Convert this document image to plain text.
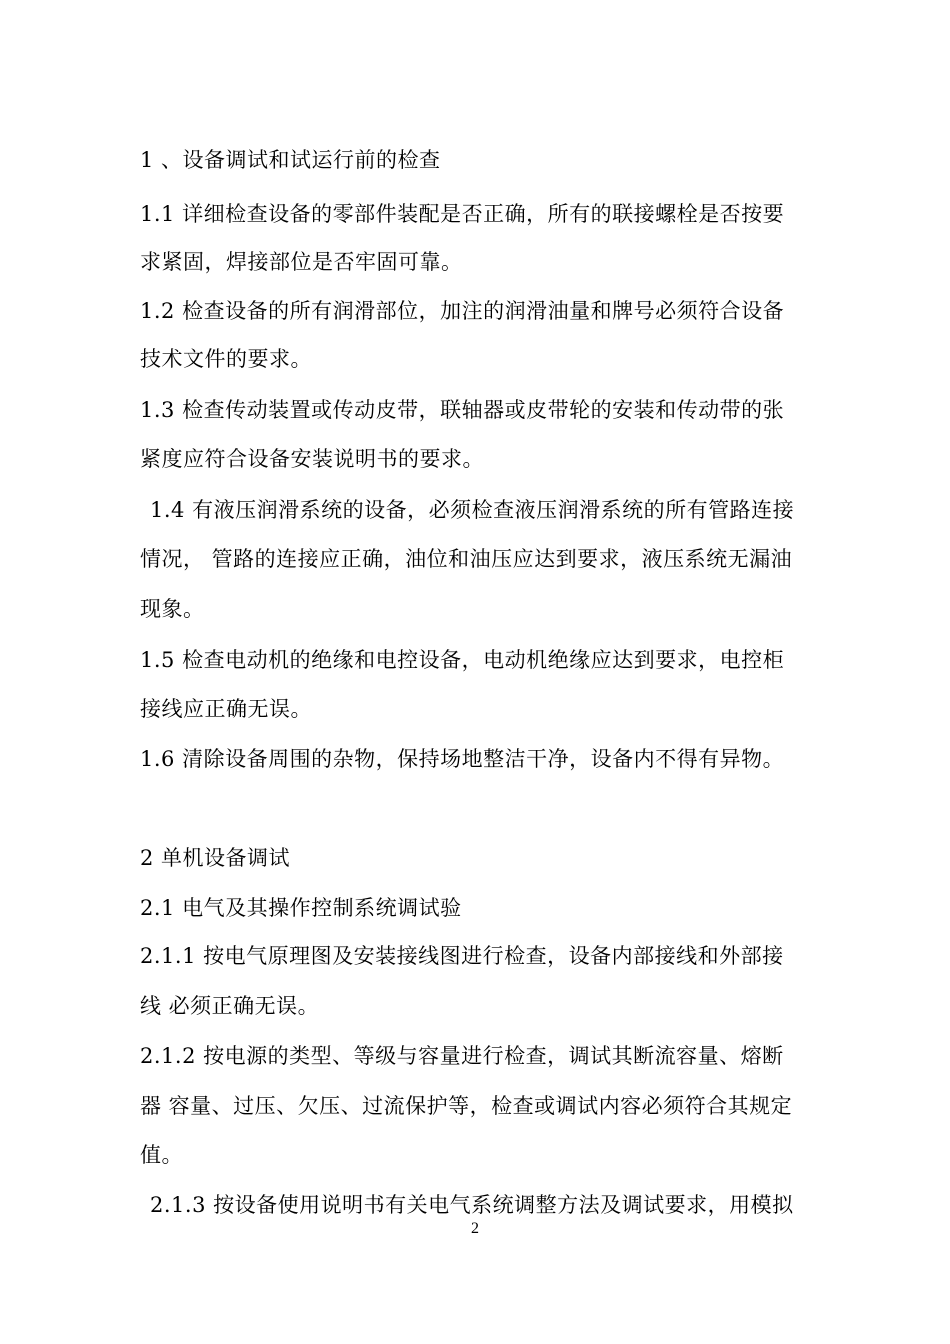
1 、设备调试和试运行前的检查
1.1 详细检查设备的零部件装配是否正确，所有的联接螺栓是否按要
求紧固，焊接部位是否牢固可靠。
1.2 检查设备的所有润滑部位，加注的润滑油量和牌号必须符合设备
技术文件的要求。
1.3 检查传动装置或传动皮带，联轴器或皮带轮的安装和传动带的张
紧度应符合设备安装说明书的要求。
1.4 有液压润滑系统的设备，必须检查液压润滑系统的所有管路连接
情况， 管路的连接应正确，油位和油压应达到要求，液压系统无漏油
现象。
1.5 检查电动机的绝缘和电控设备，电动机绝缘应达到要求，电控柜
接线应正确无误。
1.6 清除设备周围的杂物，保持场地整洁干净，设备内不得有异物。
2 单机设备调试
2.1 电气及其操作控制系统调试验
2.1.1 按电气原理图及安装接线图进行检查，设备内部接线和外部接
线 必须正确无误。
2.1.2 按电源的类型、等级与容量进行检查，调试其断流容量、熔断
器 容量、过压、欠压、过流保护等，检查或调试内容必须符合其规定
值。
2.1.3 按设备使用说明书有关电气系统调整方法及调试要求，用模拟
2
